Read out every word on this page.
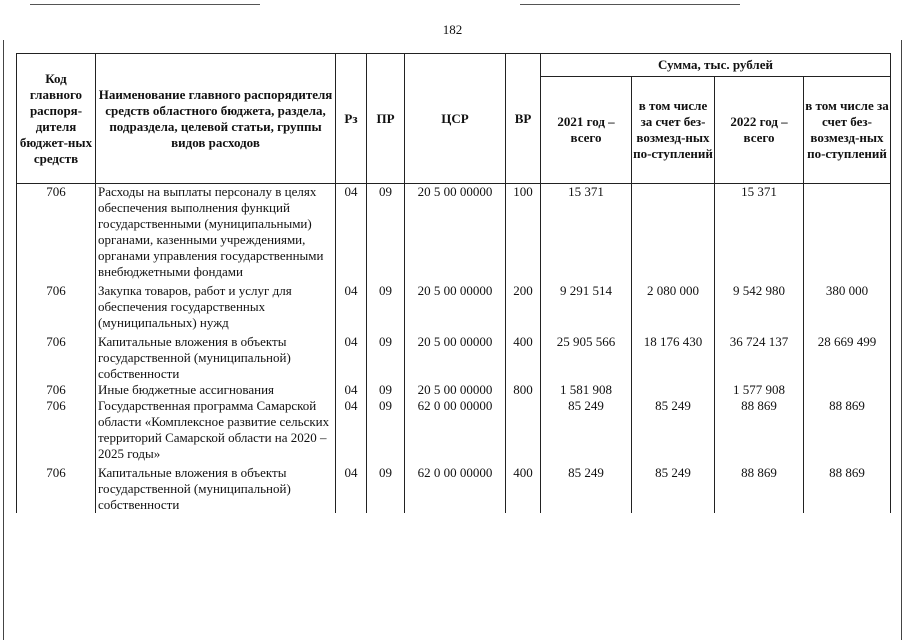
182
Код главного распоря-дителя бюджет-ных средств	Наименование главного распорядителя средств областного бюджета, раздела, подраздела, целевой статьи, группы видов расходов	Рз	ПР	ЦСР	ВР	Сумма, тыс. рублей			
						2021 год – всего	в том числе за счет без-возмезд-ных по-ступлений	2022 год – всего	в том числе за счет без-возмезд-ных по-ступлений
706	Расходы на выплаты персоналу в целях обеспечения выполнения функций государственными (муниципальными) органами, казенными учреждениями, органами управления государственными внебюджетными фондами	04	09	20 5 00 00000	100	15 371		15 371	
706	Закупка товаров, работ и услуг для обеспечения государственных (муниципальных) нужд	04	09	20 5 00 00000	200	9 291 514	2 080 000	9 542 980	380 000
706	Капитальные вложения в объекты государственной (муниципальной) собственности	04	09	20 5 00 00000	400	25 905 566	18 176 430	36 724 137	28 669 499
706	Иные бюджетные ассигнования	04	09	20 5 00 00000	800	1 581 908		1 577 908	
706	Государственная программа Самарской области «Комплексное развитие сельских территорий Самарской области на 2020 – 2025 годы»	04	09	62 0 00 00000		85 249	85 249	88 869	88 869
706	Капитальные вложения в объекты государственной (муниципальной) собственности	04	09	62 0 00 00000	400	85 249	85 249	88 869	88 869
